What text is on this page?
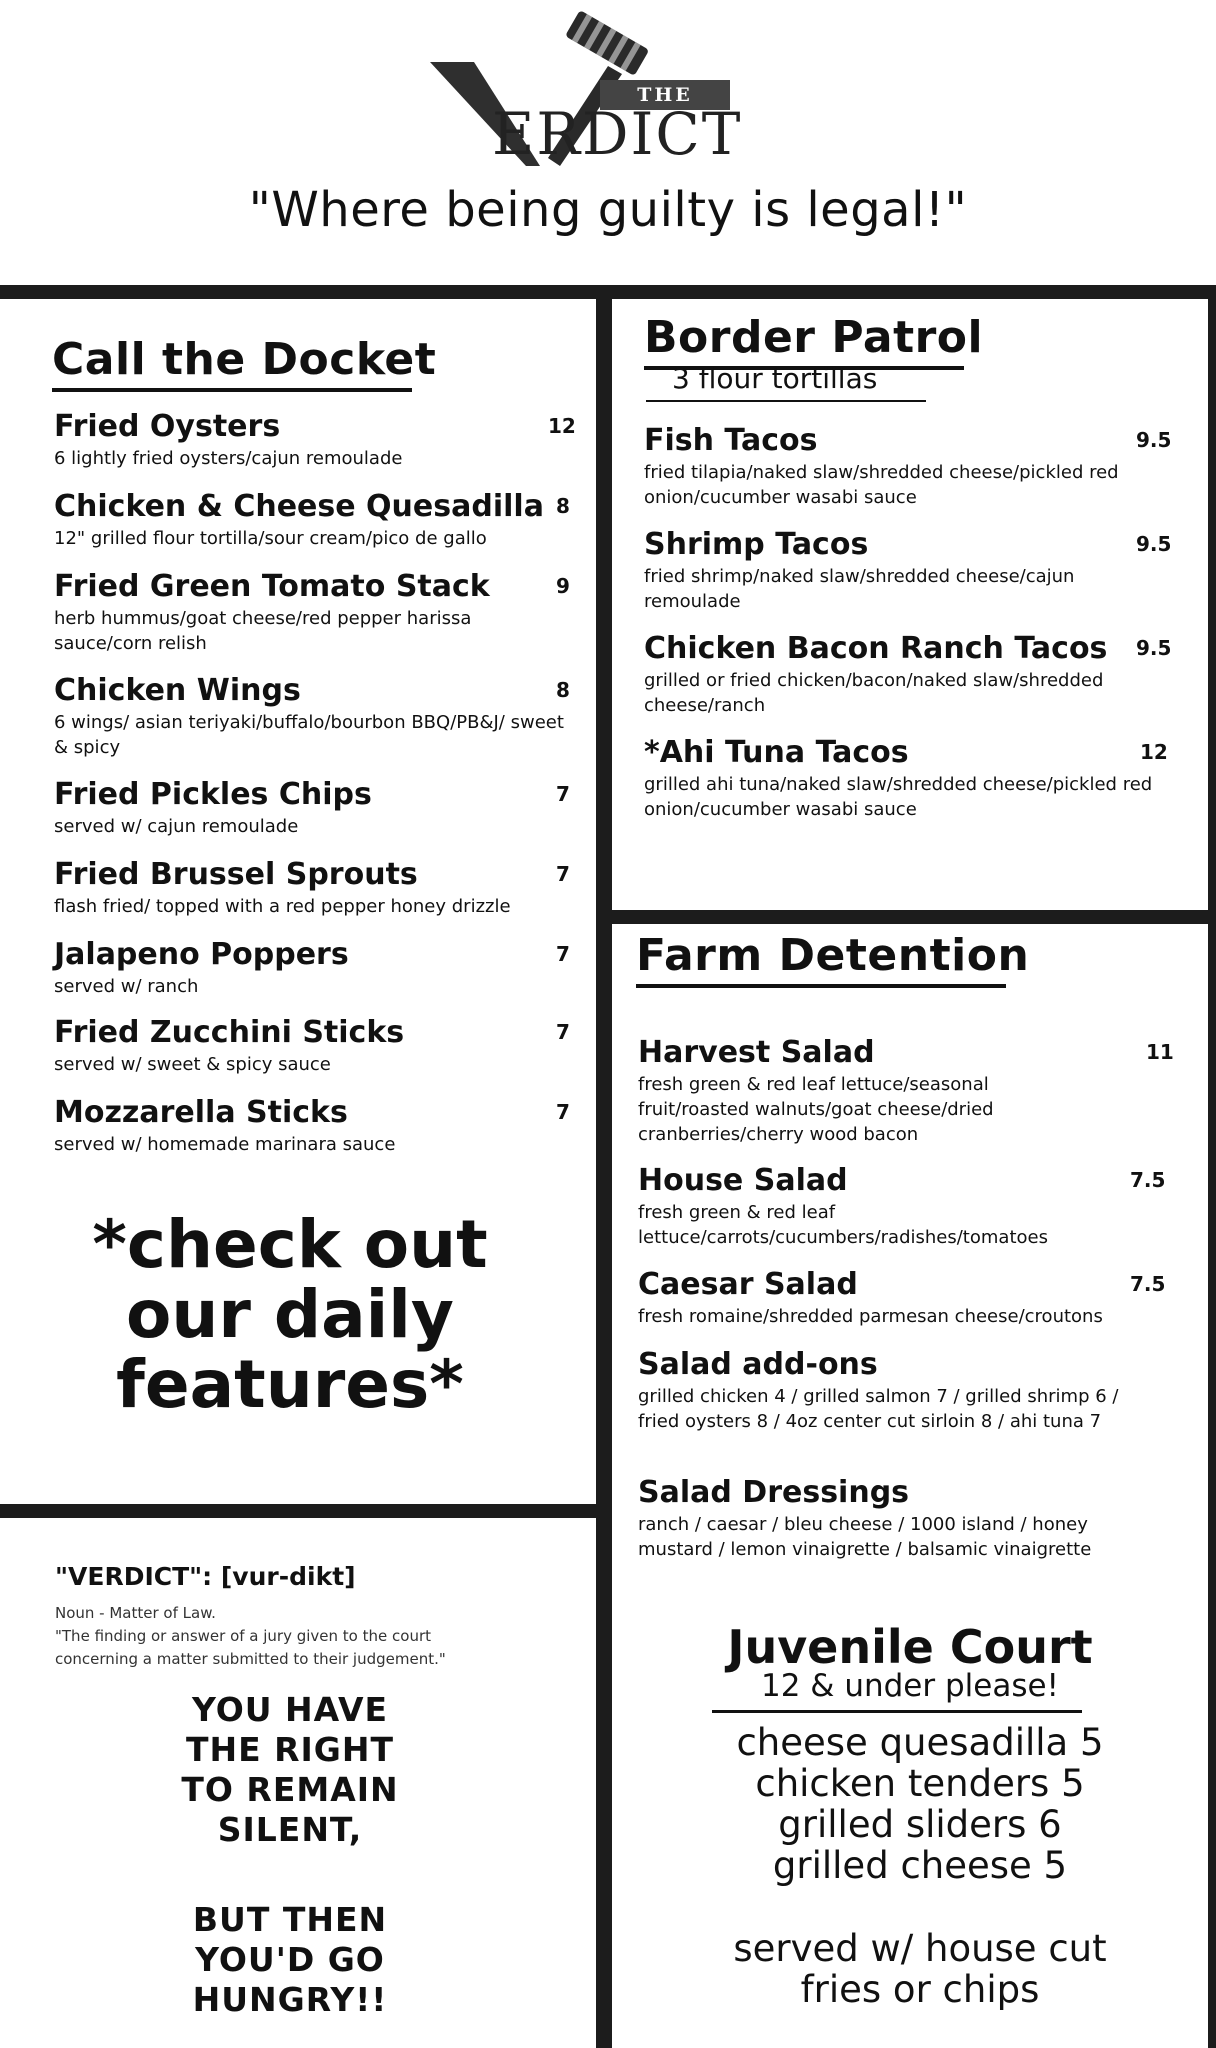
THE
ERDICT
"Where being guilty is legal!"
Call the Docket
Fried Oysters
6 lightly fried oysters/cajun remoulade
12
Chicken & Cheese Quesadilla
12" grilled flour tortilla/sour cream/pico de gallo
8
Fried Green Tomato Stack
herb hummus/goat cheese/red pepper harissa sauce/corn relish
9
Chicken Wings
6 wings/ asian teriyaki/buffalo/bourbon BBQ/PB&J/ sweet & spicy
8
Fried Pickles Chips
served w/ cajun remoulade
7
Fried Brussel Sprouts
flash fried/ topped with a red pepper honey drizzle
7
Jalapeno Poppers
served w/ ranch
7
Fried Zucchini Sticks
served w/ sweet & spicy sauce
7
Mozzarella Sticks
served w/ homemade marinara sauce
7
*check out
our daily
features*
"VERDICT": [vur-dikt]
Noun - Matter of Law.
"The finding or answer of a jury given to the court
concerning a matter submitted to their judgement."
YOU HAVE
THE RIGHT
TO REMAIN
SILENT,
BUT THEN
YOU'D GO
HUNGRY!!
Border Patrol
3 flour tortillas
Fish Tacos
fried tilapia/naked slaw/shredded cheese/pickled red onion/cucumber wasabi sauce
9.5
Shrimp Tacos
fried shrimp/naked slaw/shredded cheese/cajun remoulade
9.5
Chicken Bacon Ranch Tacos
grilled or fried chicken/bacon/naked slaw/shredded cheese/ranch
9.5
*Ahi Tuna Tacos
grilled ahi tuna/naked slaw/shredded cheese/pickled red onion/cucumber wasabi sauce
12
Farm Detention
Harvest Salad
fresh green & red leaf lettuce/seasonal fruit/roasted walnuts/goat cheese/dried cranberries/cherry wood bacon
11
House Salad
fresh green & red leaf lettuce/carrots/cucumbers/radishes/tomatoes
7.5
Caesar Salad
fresh romaine/shredded parmesan cheese/croutons
7.5
Salad add-ons
grilled chicken 4 / grilled salmon 7 / grilled shrimp 6 / fried oysters 8 / 4oz center cut sirloin 8 / ahi tuna 7
Salad Dressings
ranch / caesar / bleu cheese / 1000 island / honey mustard / lemon vinaigrette / balsamic vinaigrette
Juvenile Court
12 & under please!
cheese quesadilla 5
chicken tenders 5
grilled sliders 6
grilled cheese 5
served w/ house cut
fries or chips
